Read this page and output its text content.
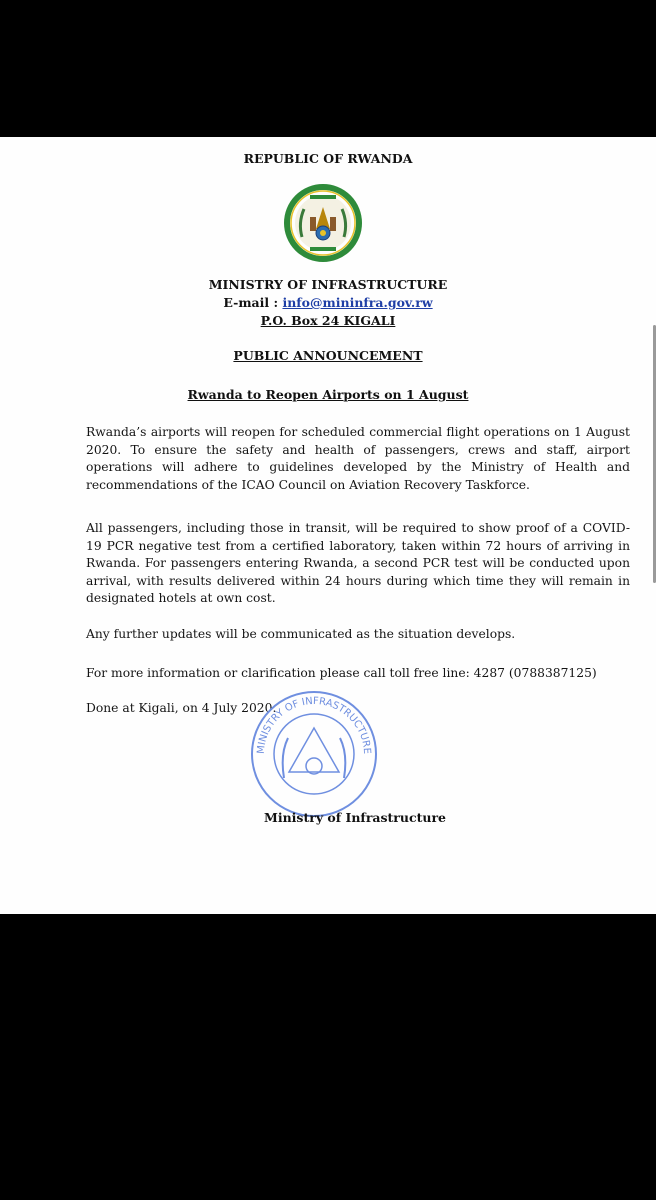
REPUBLIC OF RWANDA
MINISTRY OF INFRASTRUCTURE
E-mail : info@mininfra.gov.rw
P.O. Box 24 KIGALI
PUBLIC ANNOUNCEMENT
Rwanda to Reopen Airports on 1 August

Rwanda’s airports will reopen for scheduled commercial flight operations on 1 August 2020. To ensure the safety and health of passengers, crews and staff, airport operations will adhere to guidelines developed by the Ministry of Health and recommendations of the ICAO Council on Aviation Recovery Taskforce.

All passengers, including those in transit, will be required to show proof of a COVID-19 PCR negative test from a certified laboratory, taken within 72 hours of arriving in Rwanda. For passengers entering Rwanda, a second PCR test will be conducted upon arrival, with results delivered within 24 hours during which time they will remain in designated hotels at own cost.

Any further updates will be communicated as the situation develops.
For more information or clarification please call toll free line: 4287 (0788387125)
Done at Kigali, on 4 July 2020.
MINISTRY OF INFRASTRUCTURE
Ministry of Infrastructure
